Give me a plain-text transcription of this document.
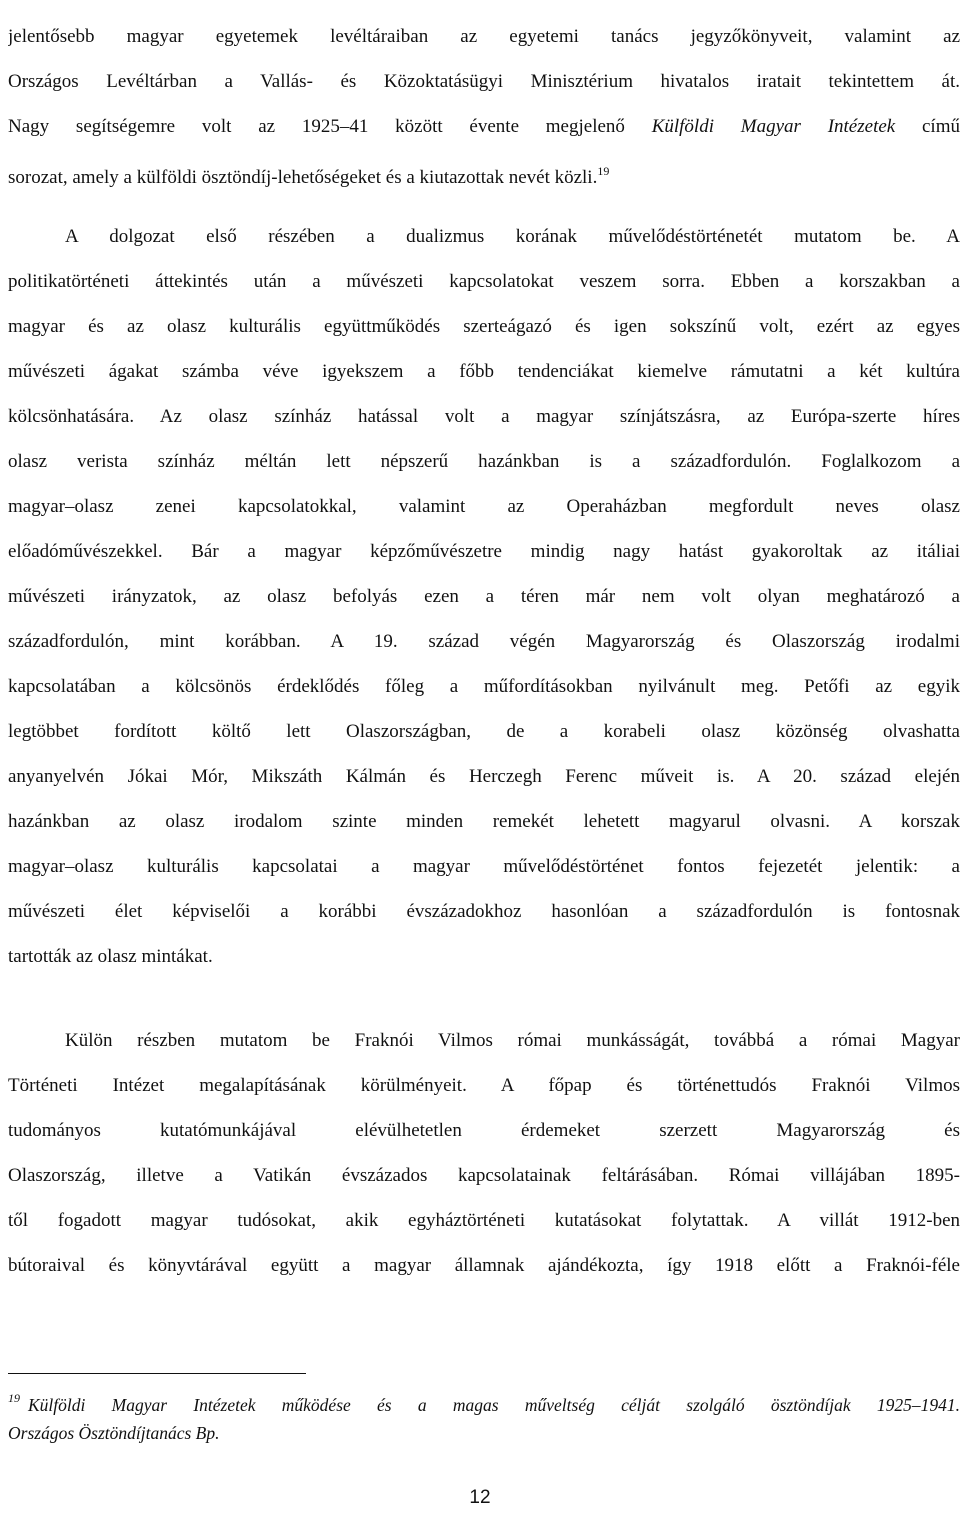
jelentősebb magyar egyetemek levéltáraiban az egyetemi tanács jegyzőkönyveit, valamint az
Országos Levéltárban a Vallás- és Közoktatásügyi Minisztérium hivatalos iratait tekintettem át.
Nagy segítségemre volt az 1925–41 között évente megjelenő Külföldi Magyar Intézetek című
sorozat, amely a külföldi ösztöndíj-lehetőségeket és a kiutazottak nevét közli.$^{19}$
A dolgozat első részében a dualizmus korának művelődéstörténetét mutatom be. A
politikatörténeti áttekintés után a művészeti kapcsolatokat veszem sorra. Ebben a korszakban a
magyar és az olasz kulturális együttműködés szerteágazó és igen sokszínű volt, ezért az egyes
művészeti ágakat számba véve igyekszem a főbb tendenciákat kiemelve rámutatni a két kultúra
kölcsönhatására. Az olasz színház hatással volt a magyar színjátszásra, az Európa-szerte híres
olasz verista színház méltán lett népszerű hazánkban is a századfordulón. Foglalkozom a
magyar–olasz zenei kapcsolatokkal, valamint az Operaházban megfordult neves olasz
előadóművészekkel. Bár a magyar képzőművészetre mindig nagy hatást gyakoroltak az itáliai
művészeti irányzatok, az olasz befolyás ezen a téren már nem volt olyan meghatározó a
századfordulón, mint korábban. A 19. század végén Magyarország és Olaszország irodalmi
kapcsolatában a kölcsönös érdeklődés főleg a műfordításokban nyilvánult meg. Petőfi az egyik
legtöbbet fordított költő lett Olaszországban, de a korabeli olasz közönség olvashatta
anyanyelvén Jókai Mór, Mikszáth Kálmán és Herczegh Ferenc műveit is. A 20. század elején
hazánkban az olasz irodalom szinte minden remekét lehetett magyarul olvasni. A korszak
magyar–olasz kulturális kapcsolatai a magyar művelődéstörténet fontos fejezetét jelentik: a
művészeti élet képviselői a korábbi évszázadokhoz hasonlóan a századfordulón is fontosnak
tartották az olasz mintákat.
Külön részben mutatom be Fraknói Vilmos római munkásságát, továbbá a római Magyar
Történeti Intézet megalapításának körülményeit. A főpap és történettudós Fraknói Vilmos
tudományos kutatómunkájával elévülhetetlen érdemeket szerzett Magyarország és
Olaszország, illetve a Vatikán évszázados kapcsolatainak feltárásában. Római villájában 1895-
től fogadott magyar tudósokat, akik egyháztörténeti kutatásokat folytattak. A villát 1912-ben
bútoraival és könyvtárával együtt a magyar államnak ajándékozta, így 1918 előtt a Fraknói-féle
$^{19}$ Külföldi Magyar Intézetek működése és a magas műveltség célját szolgáló ösztöndíjak 1925–1941.
Országos Ösztöndíjtanács Bp.
12
